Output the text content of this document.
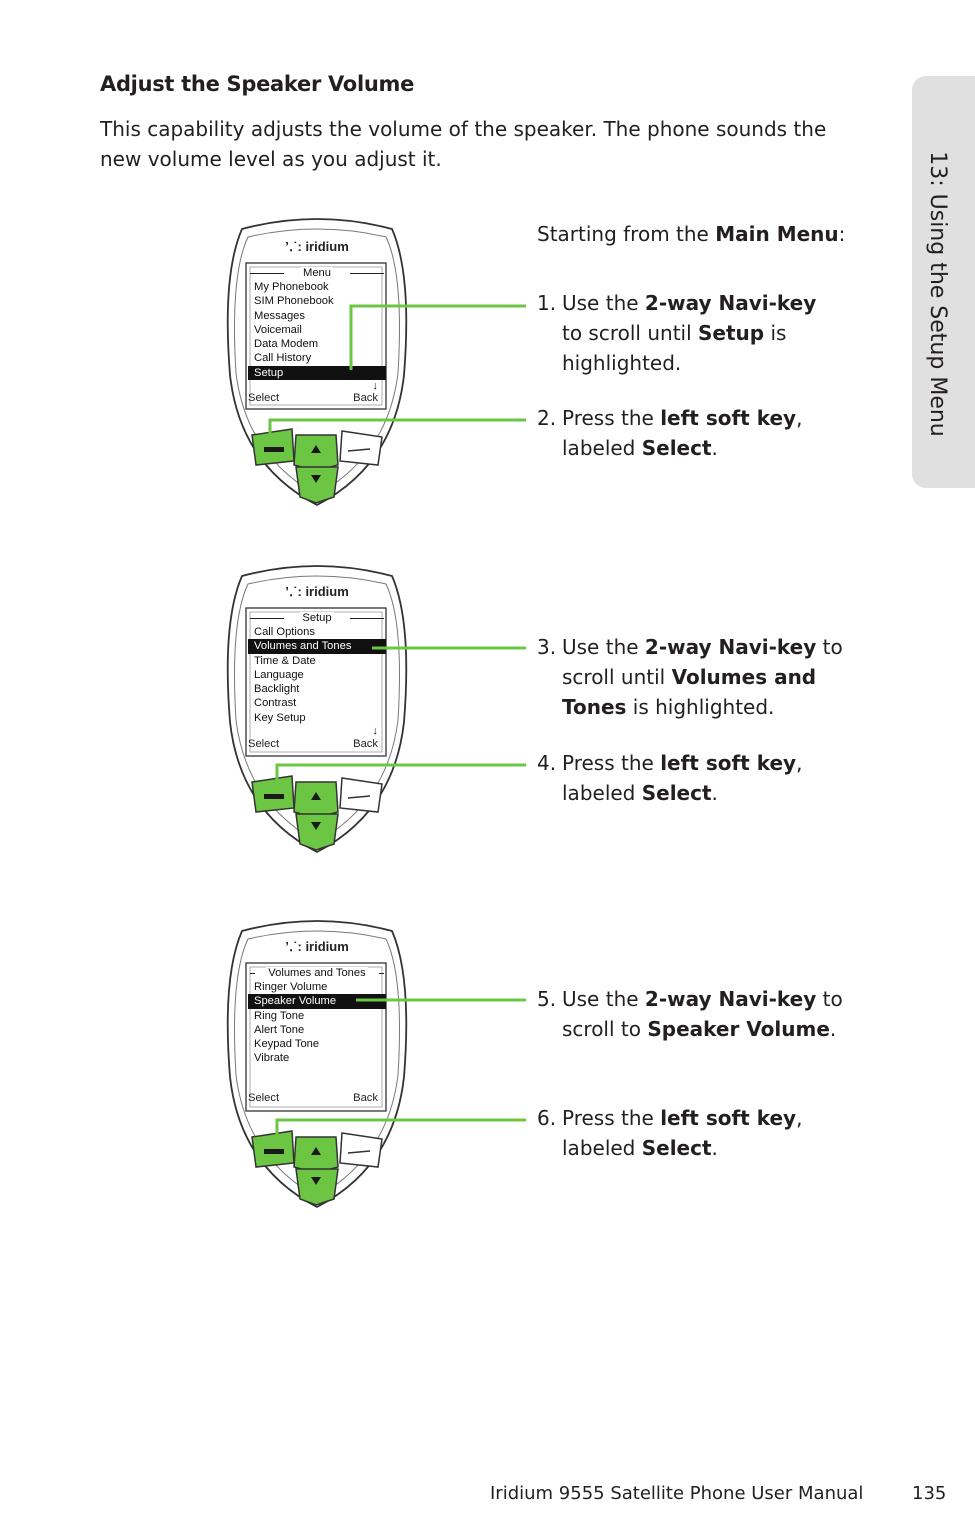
Adjust the Speaker Volume
This capability adjusts the volume of the speaker. The phone sounds the new volume level as you adjust it.	13: Using the Setup Menu
Starting from the Main Menu:
’․˙: iridium
Menu
My Phonebook
SIM Phonebook
Messages
Voicemail
Data Modem
Call History
Setup
↓
Select	Back
’․˙: iridium
Setup
Call Options
Volumes and Tones
Time & Date
Language
Backlight
Contrast
Key Setup
↓
Select	Back
’․˙: iridium
Volumes and Tones
Ringer Volume
Speaker Volume
Ring Tone
Alert Tone
Keypad Tone
Vibrate
Select	Back
1. Use the 2-way Navi-key to scroll until Setup is highlighted.
2. Press the left soft key, labeled Select.
3. Use the 2-way Navi-key to scroll until Volumes and Tones is highlighted.
4. Press the left soft key, labeled Select.
5. Use the 2-way Navi-key to scroll to Speaker Volume.
6. Press the left soft key, labeled Select.
Iridium 9555 Satellite Phone User Manual	135
